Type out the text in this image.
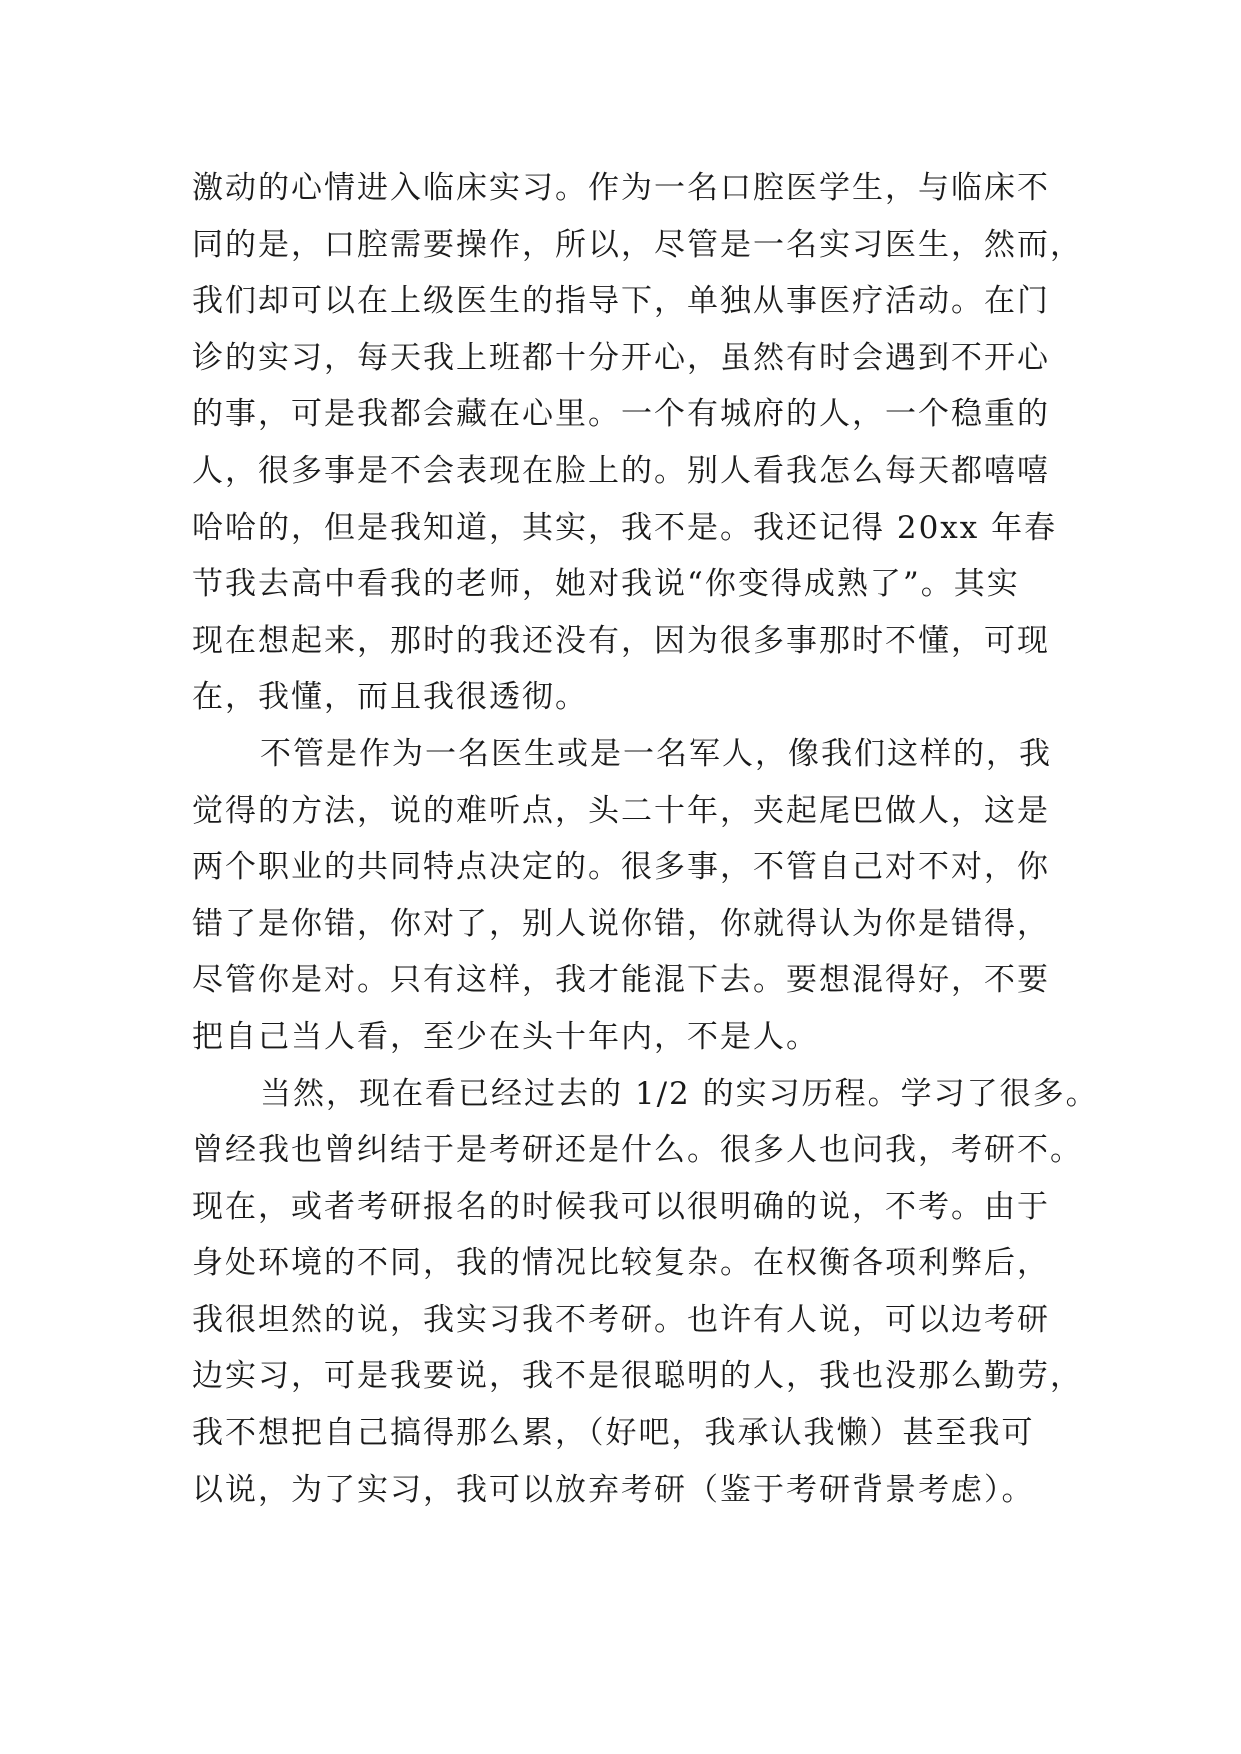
激动的心情进入临床实习。作为一名口腔医学生，与临床不
同的是，口腔需要操作，所以，尽管是一名实习医生，然而，
我们却可以在上级医生的指导下，单独从事医疗活动。在门
诊的实习，每天我上班都十分开心，虽然有时会遇到不开心
的事，可是我都会藏在心里。一个有城府的人，一个稳重的
人，很多事是不会表现在脸上的。别人看我怎么每天都嘻嘻
哈哈的，但是我知道，其实，我不是。我还记得 20xx 年春
节我去高中看我的老师，她对我说“你变得成熟了”。其实
现在想起来，那时的我还没有，因为很多事那时不懂，可现
在，我懂，而且我很透彻。
不管是作为一名医生或是一名军人，像我们这样的，我
觉得的方法，说的难听点，头二十年，夹起尾巴做人，这是
两个职业的共同特点决定的。很多事，不管自己对不对，你
错了是你错，你对了，别人说你错，你就得认为你是错得，
尽管你是对。只有这样，我才能混下去。要想混得好，不要
把自己当人看，至少在头十年内，不是人。
当然，现在看已经过去的 1/2 的实习历程。学习了很多。
曾经我也曾纠结于是考研还是什么。很多人也问我，考研不。
现在，或者考研报名的时候我可以很明确的说，不考。由于
身处环境的不同，我的情况比较复杂。在权衡各项利弊后，
我很坦然的说，我实习我不考研。也许有人说，可以边考研
边实习，可是我要说，我不是很聪明的人，我也没那么勤劳，
我不想把自己搞得那么累，（好吧，我承认我懒）甚至我可
以说，为了实习，我可以放弃考研（鉴于考研背景考虑）。
